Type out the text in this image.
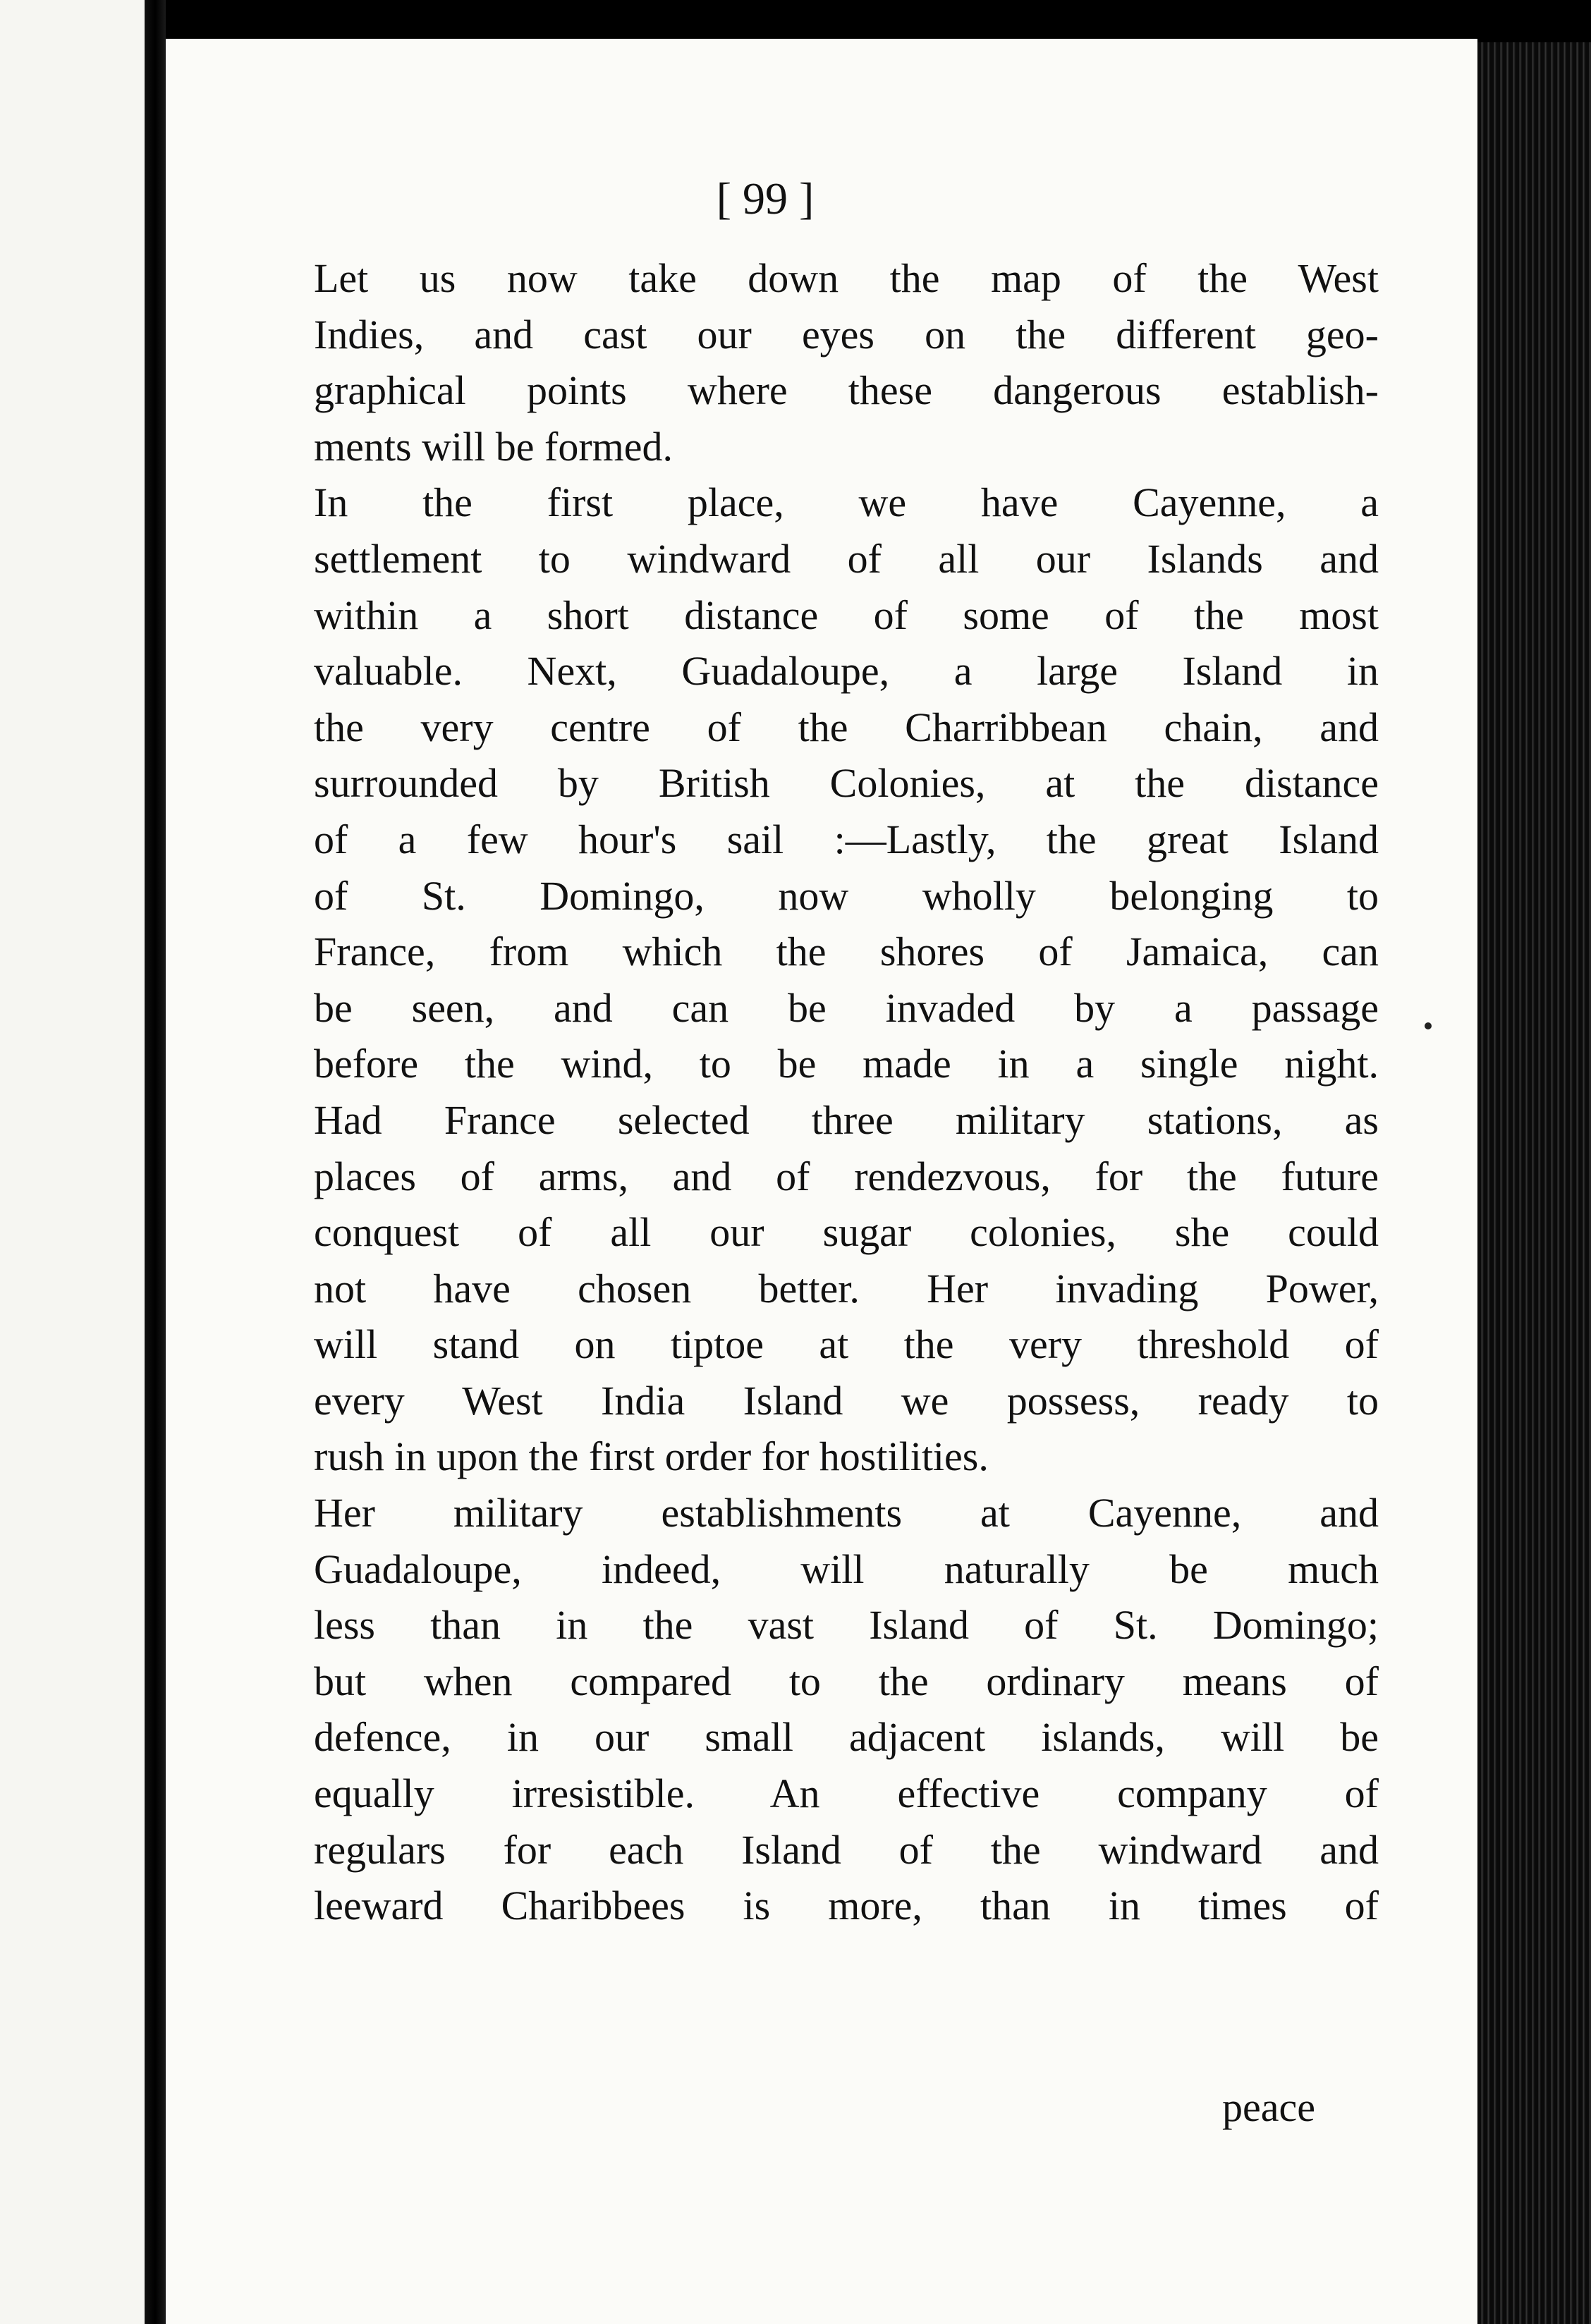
[ 99 ]
Let us now take down the map of the West
Indies, and cast our eyes on the different geo-
graphical points where these dangerous establish-
ments will be formed.
In the first place, we have Cayenne, a
settlement to windward of all our Islands and
within a short distance of some of the most
valuable. Next, Guadaloupe, a large Island in
the very centre of the Charribbean chain, and
surrounded by British Colonies, at the distance
of a few hour's sail :—Lastly, the great Island
of St. Domingo, now wholly belonging to
France, from which the shores of Jamaica, can
be seen, and can be invaded by a passage
before the wind, to be made in a single night.
Had France selected three military stations, as
places of arms, and of rendezvous, for the future
conquest of all our sugar colonies, she could
not have chosen better. Her invading Power,
will stand on tiptoe at the very threshold of
every West India Island we possess, ready to
rush in upon the first order for hostilities.
Her military establishments at Cayenne, and
Guadaloupe, indeed, will naturally be much
less than in the vast Island of St. Domingo;
but when compared to the ordinary means of
defence, in our small adjacent islands, will be
equally irresistible. An effective company of
regulars for each Island of the windward and
leeward Charibbees is more, than in times of
peace
